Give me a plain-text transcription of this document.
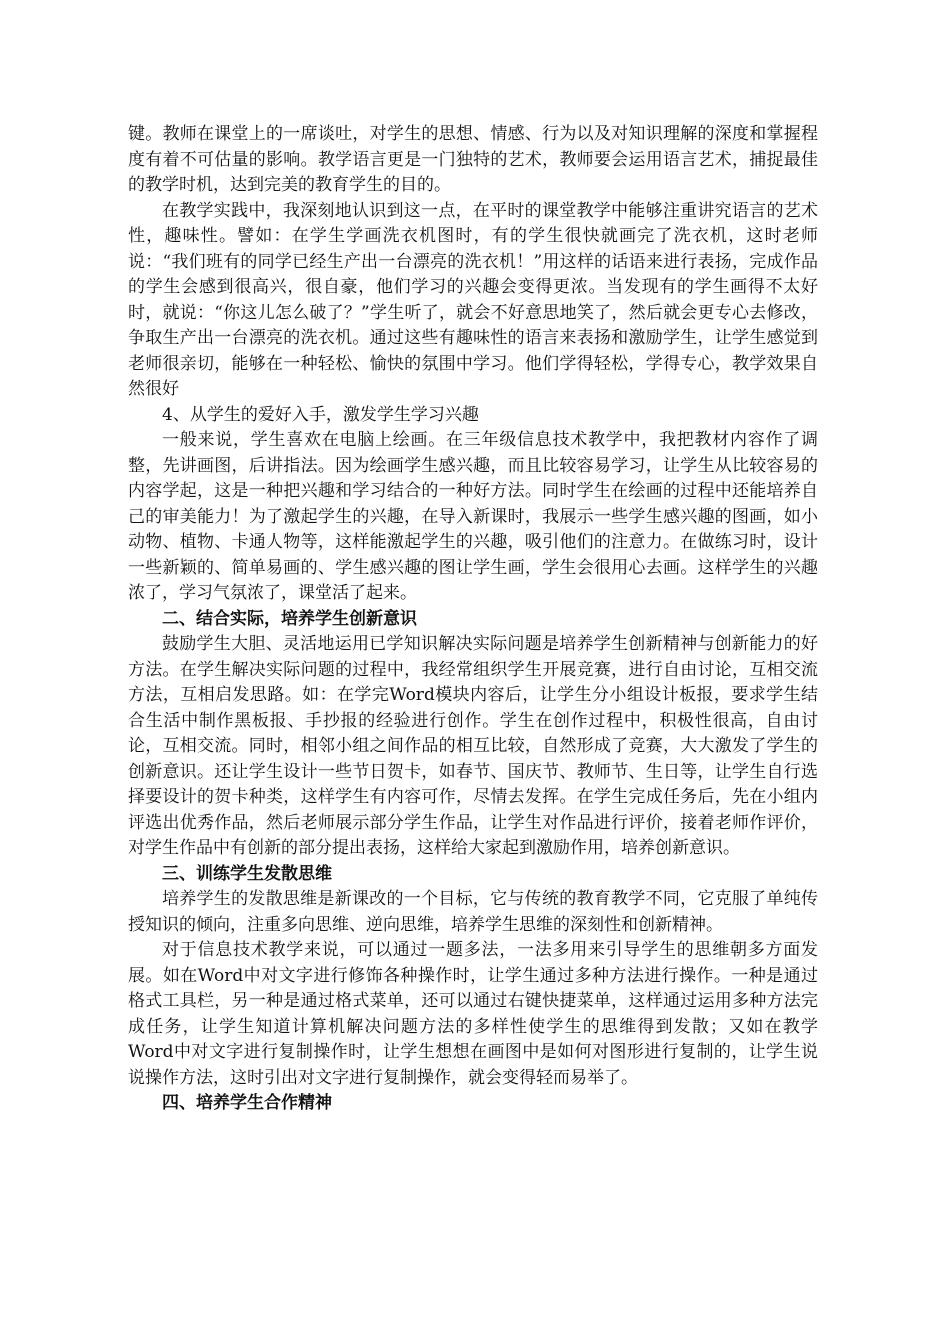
键。教师在课堂上的一席谈吐，对学生的思想、情感、行为以及对知识理解的深度和掌握程度有着不可估量的影响。教学语言更是一门独特的艺术，教师要会运用语言艺术，捕捉最佳的教学时机，达到完美的教育学生的目的。

在教学实践中，我深刻地认识到这一点，在平时的课堂教学中能够注重讲究语言的艺术性，趣味性。譬如：在学生学画洗衣机图时，有的学生很快就画完了洗衣机，这时老师说：“我们班有的同学已经生产出一台漂亮的洗衣机！”用这样的话语来进行表扬，完成作品的学生会感到很高兴，很自豪，他们学习的兴趣会变得更浓。当发现有的学生画得不太好时，就说：“你这儿怎么破了？”学生听了，就会不好意思地笑了，然后就会更专心去修改，争取生产出一台漂亮的洗衣机。通过这些有趣味性的语言来表扬和激励学生，让学生感觉到老师很亲切，能够在一种轻松、愉快的氛围中学习。他们学得轻松，学得专心，教学效果自然很好

4、从学生的爱好入手，激发学生学习兴趣

一般来说，学生喜欢在电脑上绘画。在三年级信息技术教学中，我把教材内容作了调整，先讲画图，后讲指法。因为绘画学生感兴趣，而且比较容易学习，让学生从比较容易的内容学起，这是一种把兴趣和学习结合的一种好方法。同时学生在绘画的过程中还能培养自己的审美能力！为了激起学生的兴趣，在导入新课时，我展示一些学生感兴趣的图画，如小动物、植物、卡通人物等，这样能激起学生的兴趣，吸引他们的注意力。在做练习时，设计一些新颖的、简单易画的、学生感兴趣的图让学生画，学生会很用心去画。这样学生的兴趣浓了，学习气氛浓了，课堂活了起来。

二、结合实际，培养学生创新意识

鼓励学生大胆、灵活地运用已学知识解决实际问题是培养学生创新精神与创新能力的好方法。在学生解决实际问题的过程中，我经常组织学生开展竞赛，进行自由讨论，互相交流方法，互相启发思路。如：在学完Word模块内容后，让学生分小组设计板报，要求学生结合生活中制作黑板报、手抄报的经验进行创作。学生在创作过程中，积极性很高，自由讨论，互相交流。同时，相邻小组之间作品的相互比较，自然形成了竞赛，大大激发了学生的创新意识。还让学生设计一些节日贺卡，如春节、国庆节、教师节、生日等，让学生自行选择要设计的贺卡种类，这样学生有内容可作，尽情去发挥。在学生完成任务后，先在小组内评选出优秀作品，然后老师展示部分学生作品，让学生对作品进行评价，接着老师作评价，对学生作品中有创新的部分提出表扬，这样给大家起到激励作用，培养创新意识。

三、训练学生发散思维

培养学生的发散思维是新课改的一个目标，它与传统的教育教学不同，它克服了单纯传授知识的倾向，注重多向思维、逆向思维，培养学生思维的深刻性和创新精神。

对于信息技术教学来说，可以通过一题多法，一法多用来引导学生的思维朝多方面发展。如在Word中对文字进行修饰各种操作时，让学生通过多种方法进行操作。一种是通过格式工具栏，另一种是通过格式菜单，还可以通过右键快捷菜单，这样通过运用多种方法完成任务，让学生知道计算机解决问题方法的多样性使学生的思维得到发散；又如在教学Word中对文字进行复制操作时，让学生想想在画图中是如何对图形进行复制的，让学生说说操作方法，这时引出对文字进行复制操作，就会变得轻而易举了。

四、培养学生合作精神
